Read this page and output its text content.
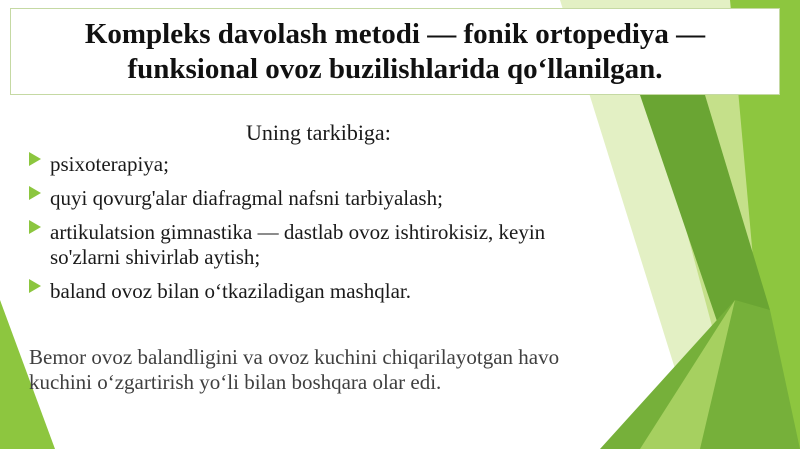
Kompleks davolash metodi — fonik ortopediya —
funksional ovoz buzilishlarida qo‘llanilgan.

Uning tarkibiga:
psixoterapiya;
quyi qovurg'alar diafragmal nafsni tarbiyalash;
artikulatsion gimnastika — dastlab ovoz ishtirokisiz, keyin
so'zlarni shivirlab aytish;
baland ovoz bilan o‘tkaziladigan mashqlar.

Bemor ovoz balandligini va ovoz kuchini chiqarilayotgan havo
kuchini o‘zgartirish yo‘li bilan boshqara olar edi.
